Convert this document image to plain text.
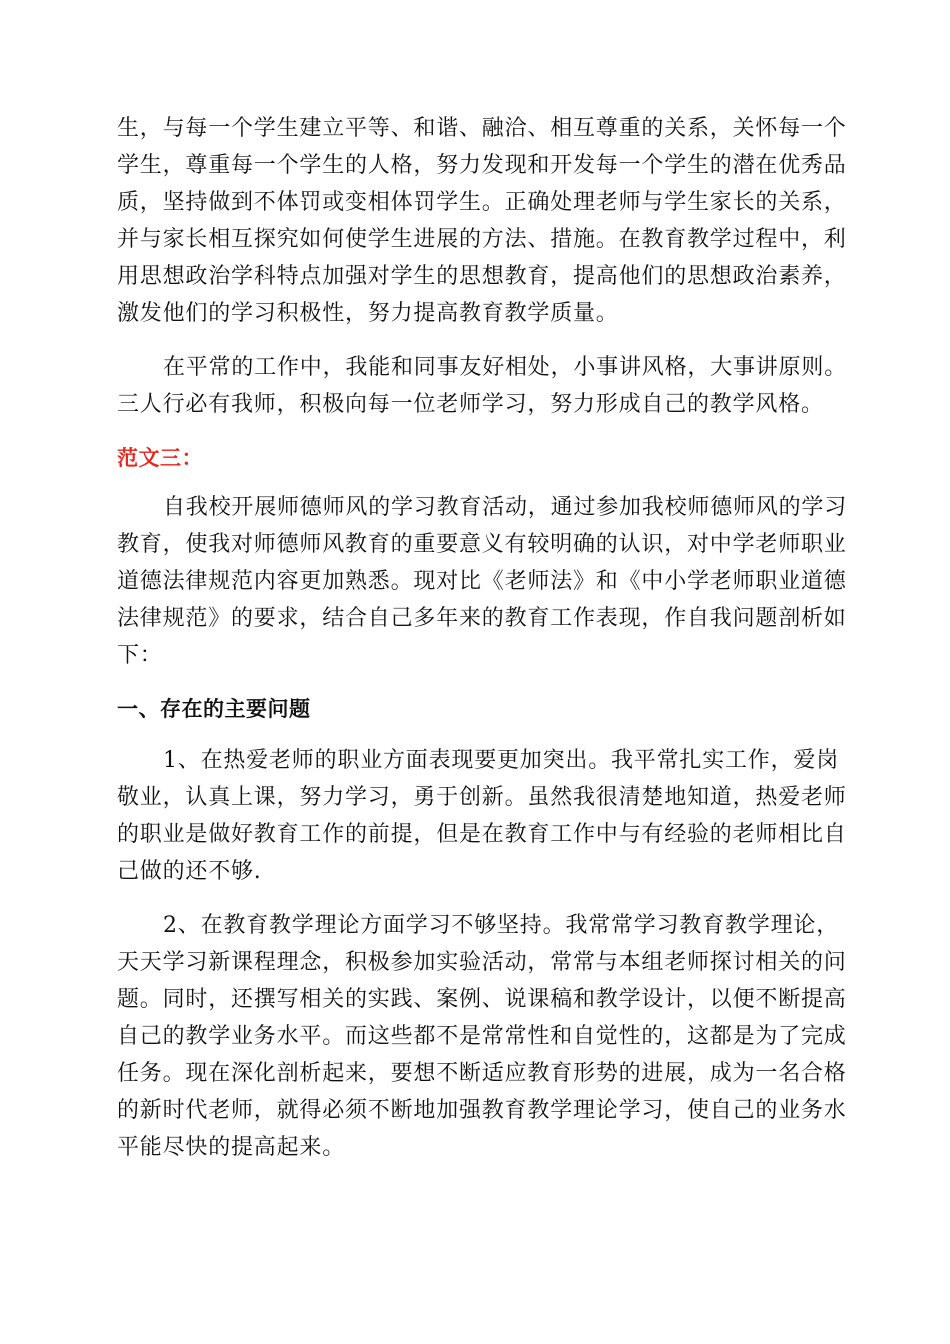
生，与每一个学生建立平等、和谐、融洽、相互尊重的关系，关怀每一个
学生，尊重每一个学生的人格，努力发现和开发每一个学生的潜在优秀品
质，坚持做到不体罚或变相体罚学生。正确处理老师与学生家长的关系，
并与家长相互探究如何使学生进展的方法、措施。在教育教学过程中，利
用思想政治学科特点加强对学生的思想教育，提高他们的思想政治素养，
激发他们的学习积极性，努力提高教育教学质量。
在平常的工作中，我能和同事友好相处，小事讲风格，大事讲原则。
三人行必有我师，积极向每一位老师学习，努力形成自己的教学风格。
范文三：
自我校开展师德师风的学习教育活动，通过参加我校师德师风的学习
教育，使我对师德师风教育的重要意义有较明确的认识，对中学老师职业
道德法律规范内容更加熟悉。现对比《老师法》和《中小学老师职业道德
法律规范》的要求，结合自己多年来的教育工作表现，作自我问题剖析如
下：
一、存在的主要问题
1、在热爱老师的职业方面表现要更加突出。我平常扎实工作，爱岗
敬业，认真上课，努力学习，勇于创新。虽然我很清楚地知道，热爱老师
的职业是做好教育工作的前提，但是在教育工作中与有经验的老师相比自
己做的还不够.
2、在教育教学理论方面学习不够坚持。我常常学习教育教学理论，
天天学习新课程理念，积极参加实验活动，常常与本组老师探讨相关的问
题。同时，还撰写相关的实践、案例、说课稿和教学设计，以便不断提高
自己的教学业务水平。而这些都不是常常性和自觉性的，这都是为了完成
任务。现在深化剖析起来，要想不断适应教育形势的进展，成为一名合格
的新时代老师，就得必须不断地加强教育教学理论学习，使自己的业务水
平能尽快的提高起来。
